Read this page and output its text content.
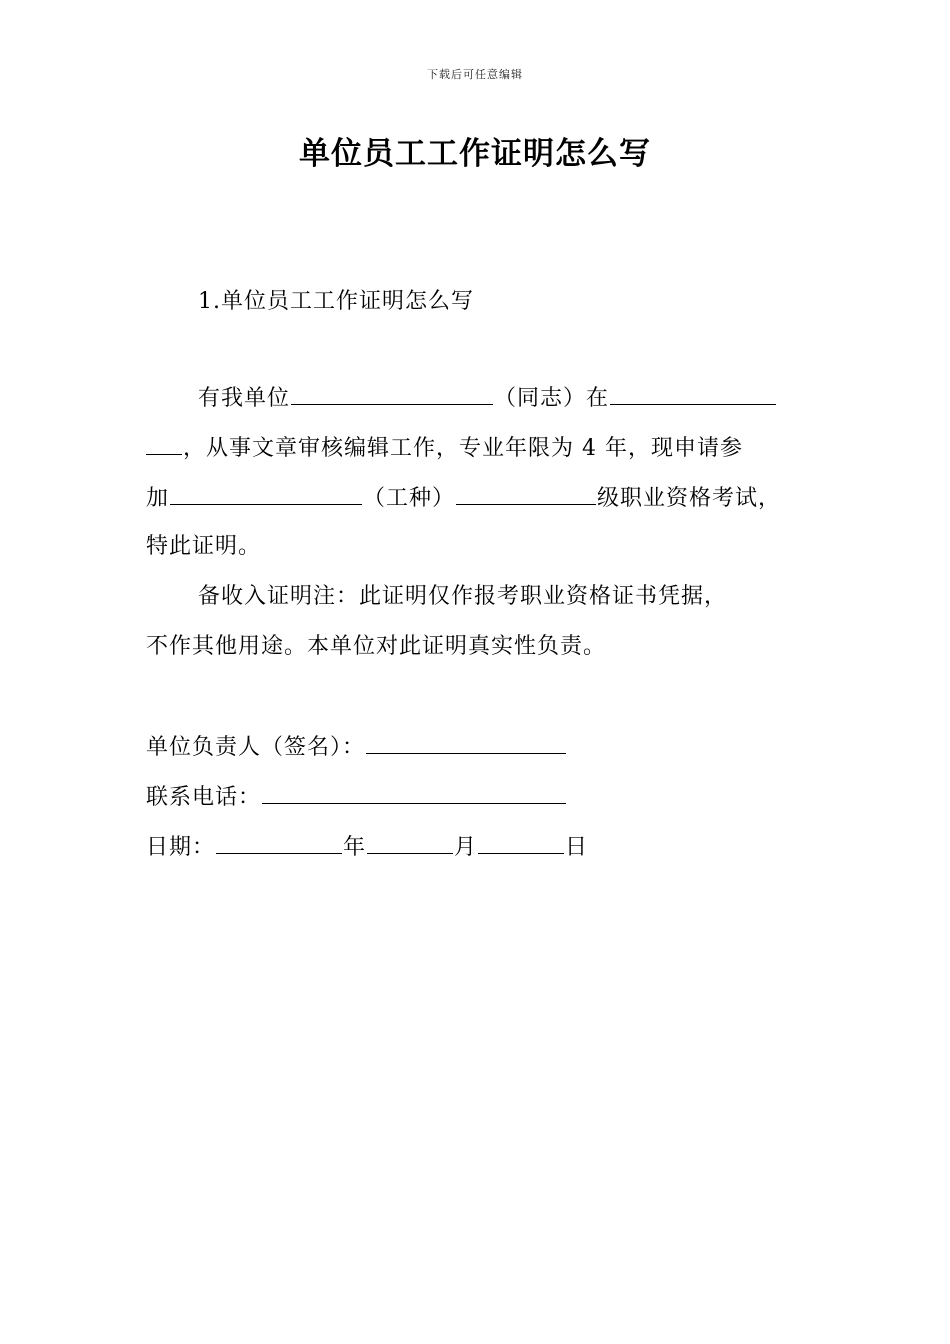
下载后可任意编辑
单位员工工作证明怎么写
1.单位员工工作证明怎么写
有我单位	（同志）在
，从事文章审核编辑工作，专业年限为 4 年，现申请参
加	（工种）	级职业资格考试，
特此证明。
备收入证明注：此证明仅作报考职业资格证书凭据，
不作其他用途。本单位对此证明真实性负责。
单位负责人（签名）：
联系电话：
日期：	年	月	日
